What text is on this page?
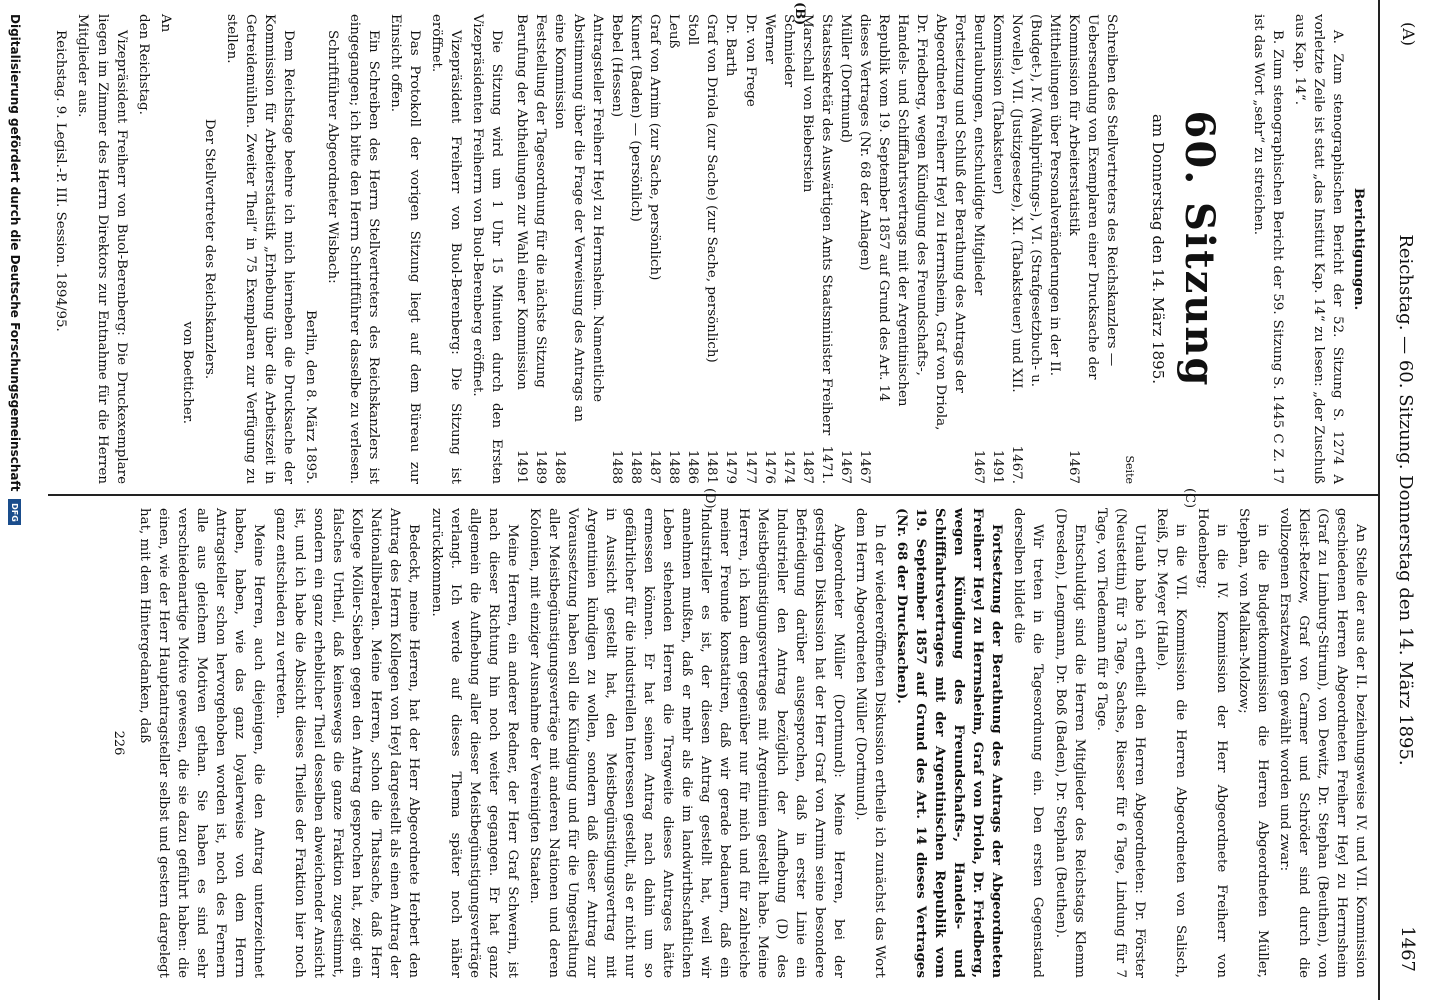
(A)
Reichstag. — 60. Sitzung. Donnerstag den 14. März 1895.
1467
(B)
(C)
(D)
Berichtigungen.

A. Zum stenographischen Bericht der 52. Sitzung S. 1274 A vorletzte Zeile ist statt „das Institut Kap. 14“ zu lesen: „der Zuschuß aus Kap. 14“.

B. Zum stenographischen Bericht der 59. Sitzung S. 1445 C Z. 17 ist das Wort „sehr“ zu streichen.

60. Sitzung
am Donnerstag den 14. März 1895.
Seite
Schreiben des Stellvertreters des Reichskanzlers — Uebersendung von Exemplaren einer Drucksache der Kommission für Arbeiterstatistik
1467
Mittheilungen über Personalveränderungen in der II. (Budget-), IV. (Wahlprüfungs-), VI. (Strafgesetzbuch- u. Novelle), VII. (Justizgesetze), XI. (Tabaksteuer) und XII. Kommission (Tabaksteuer)
1467. 1491
Beurlaubungen, entschuldigte Mitglieder
1467
Fortsetzung und Schluß der Berathung des Antrags der Abgeordneten Freiherr Heyl zu Herrnsheim, Graf von Driola, Dr. Friedberg, wegen Kündigung des Freundschafts-, Handels- und Schifffahrtsvertrags mit der Argentinischen Republik vom 19. September 1857 auf Grund des Art. 14 dieses Vertrages (Nr. 68 der Anlagen)
1467
Müller (Dortmund)
1467
Staatssekretär des Auswärtigen Amts Staatsminister Freiherr Marschall von Bieberstein
1471. 1487
Schmieder
1474
Werner
1476
Dr. von Frege
1477
Dr. Barth
1479
Graf von Driola (zur Sache) (zur Sache, persönlich)
1481
Stoll
1486
Leuß
1488
Graf von Arnim (zur Sache, persönlich)
1487
Kunert (Baden) — (persönlich)
1488
Bebel (Hessen)
1488
Antragsteller Freiherr Heyl zu Herrnsheim. Namentliche Abstimmung über die Frage der Verweisung des Antrags an eine Kommission
1488
Feststellung der Tagesordnung für die nächste Sitzung
1489
Berufung der Abtheilungen zur Wahl einer Kommission
1491

Die Sitzung wird um 1 Uhr 15 Minuten durch den Ersten Vizepräsidenten Freiherrn von Buol-Berenberg eröffnet.

Vizepräsident Freiherr von Buol-Berenberg: Die Sitzung ist eröffnet.

Das Protokoll der vorigen Sitzung liegt auf dem Büreau zur Einsicht offen.

Ein Schreiben des Herrn Stellvertreters des Reichskanzlers ist eingegangen; ich bitte den Herrn Schriftführer dasselbe zu verlesen.

Schriftführer Abgeordneter Wisbach:

Berlin, den 8. März 1895.

Dem Reichstage beehre ich mich hierneben die Drucksache der Kommission für Arbeiterstatistik „Erhebung über die Arbeitszeit in Getreidemühlen. Zweiter Theil“ in 75 Exemplaren zur Verfügung zu stellen.

Der Stellvertreter des Reichskanzlers.

von Boetticher.

An

den Reichstag.

Vizepräsident Freiherr von Buol-Berenberg: Die Druckexemplare liegen im Zimmer des Herrn Direktors zur Entnahme für die Herren Mitglieder aus.

Reichstag. 9. Legisl.-P. III. Session. 1894/95.

An Stelle der aus der II. beziehungsweise IV. und VII. Kommission geschiedenen Herren Abgeordneten Freiherr Heyl zu Herrnsheim (Graf zu Limburg-Stirum), von Dewitz, Dr. Stephan (Beuthen), von Kleist-Retzow, Graf von Carmer und Schröder sind durch die vollzogenen Ersatzwahlen gewählt worden und zwar:

in die Budgetkommission die Herren Abgeordneten Müller, Stephan, von Malkan-Molzow;

in die IV. Kommission der Herr Abgeordnete Freiherr von Hodenberg;

in die VII. Kommission die Herren Abgeordneten von Salisch, Reiß, Dr. Meyer (Halle).

Urlaub habe ich ertheilt den Herren Abgeordneten: Dr. Förster (Neustettin) für 3 Tage, Sachse, Riesser für 6 Tage, Lindung für 7 Tage, von Tiedemann für 8 Tage.

Entschuldigt sind die Herren Mitglieder des Reichstags Klemm (Dresden), Lengmann, Dr. Boß (Baden), Dr. Stephan (Beuthen).

Wir treten in die Tagesordnung ein. Den ersten Gegenstand derselben bildet die

Fortsetzung der Berathung des Antrags der Abgeordneten Freiherr Heyl zu Herrnsheim, Graf von Driola, Dr. Friedberg, wegen Kündigung des Freundschafts-, Handels- und Schifffahrtsvertrages mit der Argentinischen Republik vom 19. September 1857 auf Grund des Art. 14 dieses Vertrages (Nr. 68 der Drucksachen).

In der wiedereröffneten Diskussion ertheile ich zunächst das Wort dem Herrn Abgeordneten Müller (Dortmund).

Abgeordneter Müller (Dortmund): Meine Herren, bei der gestrigen Diskussion hat der Herr Graf von Arnim seine besondere Befriedigung darüber ausgesprochen, daß in erster Linie ein Industrieller den Antrag bezüglich der Aufhebung (D) des Meistbegünstigungsvertrages mit Argentinien gestellt habe. Meine Herren, ich kann dem gegenüber nur für mich und für zahlreiche meiner Freunde konstatiren, daß wir gerade bedauern, daß ein Industrieller es ist, der diesen Antrag gestellt hat, weil wir annehmen mußten, daß er mehr als die im landwirthschaftlichen Leben stehenden Herren die Tragweite dieses Antrages hätte ermessen können. Er hat seinen Antrag nach dahin um so gefährlicher für die industriellen Interessen gestellt, als er nicht nur in Aussicht gestellt hat, den Meistbegünstigungsvertrag mit Argentinien kündigen zu wollen, sondern daß dieser Antrag zur Voraussetzung haben soll die Kündigung und für die Umgestaltung aller Meistbegünstigungsverträge mit anderen Nationen und deren Kolonien, mit einziger Ausnahme der Vereinigten Staaten.

Meine Herren, ein anderer Redner, der Herr Graf Schwerin, ist nach dieser Richtung hin noch weiter gegangen. Er hat ganz allgemein die Aufhebung aller dieser Meistbegünstigungsverträge verlangt. Ich werde auf dieses Thema später noch näher zurückkommen.

Bedeckt, meine Herren, hat der Herr Abgeordnete Herbert den Antrag des Herrn Kollegen von Heyl dargestellt als einen Antrag der Nationalliberalen. Meine Herren, schon die Thatsache, daß Herr Kollege Möller-Sieben gegen den Antrag gesprochen hat, zeigt ein falsches Urtheil, daß keineswegs die ganze Fraktion zugestimmt, sondern ein ganz erheblicher Theil desselben abweichender Ansicht ist, und ich habe die Absicht dieses Theiles der Fraktion hier noch ganz entschieden zu vertreten.

Meine Herren, auch diejenigen, die den Antrag unterzeichnet haben, haben, wie das ganz loyalerweise von dem Herrn Antragsteller schon hervorgehoben worden ist, noch des Fernern alle aus gleichem Motiven gethan. Sie haben es sind sehr verschiedenartige Motive gewesen, die sie dazu geführt haben: die einen, wie der Herr Hauptantragsteller selbst und gestern dargelegt hat, mit dem Hintergedanken, daß

226
Digitalisierung gefördert durch die Deutsche Forschungsgemeinschaft
DFG
